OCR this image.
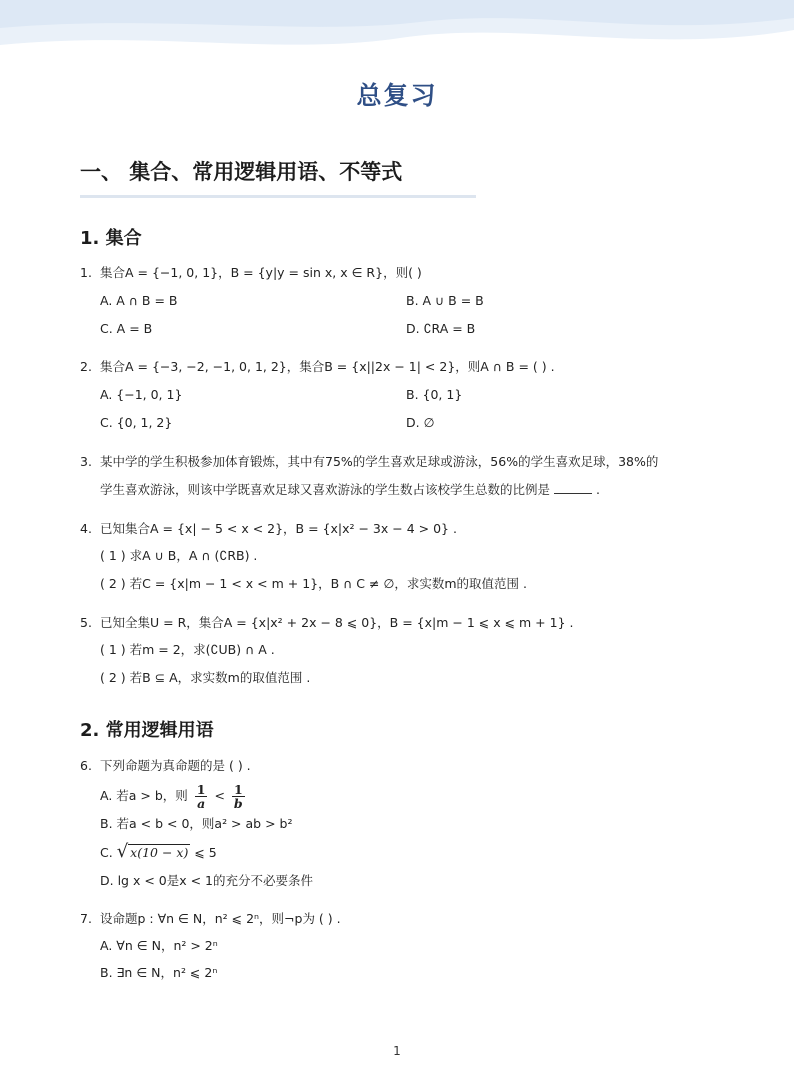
总复习
一、 集合、常用逻辑用语、不等式
1. 集合
1. 集合A = {−1, 0, 1}，B = {y|y = sin x, x ∈ R}，则( )
A. A ∩ B = B	B. A ∪ B = B
C. A = B	D. ∁RA = B
2. 集合A = {−3, −2, −1, 0, 1, 2}，集合B = {x||2x − 1| < 2}，则A ∩ B = ( ) .
A. {−1, 0, 1}	B. {0, 1}
C. {0, 1, 2}	D. ∅
3. 某中学的学生积极参加体育锻炼，其中有75%的学生喜欢足球或游泳，56%的学生喜欢足球，38%的
学生喜欢游泳，则该中学既喜欢足球又喜欢游泳的学生数占该校学生总数的比例是	.
4. 已知集合A = {x| − 5 < x < 2}，B = {x|x² − 3x − 4 > 0} .
( 1 ) 求A ∪ B，A ∩ (∁RB) .
( 2 ) 若C = {x|m − 1 < x < m + 1}，B ∩ C ≠ ∅，求实数m的取值范围 .
5. 已知全集U = R，集合A = {x|x² + 2x − 8 ⩽ 0}，B = {x|m − 1 ⩽ x ⩽ m + 1} .
( 1 ) 若m = 2，求(∁UB) ∩ A .
( 2 ) 若B ⊆ A，求实数m的取值范围 .
2. 常用逻辑用语
6. 下列命题为真命题的是 ( ) .
A. 若a > b，则 $\frac{1}{a} < \frac{1}{b}$
B. 若a < b < 0，则a² > ab > b²
C. √ x(10 − x) ⩽ 5
D. lg x < 0是x < 1的充分不必要条件
7. 设命题p : ∀n ∈ N，n² ⩽ 2ⁿ，则¬p为 ( ) .
A. ∀n ∈ N，n² > 2ⁿ
B. ∃n ∈ N，n² ⩽ 2ⁿ
1
